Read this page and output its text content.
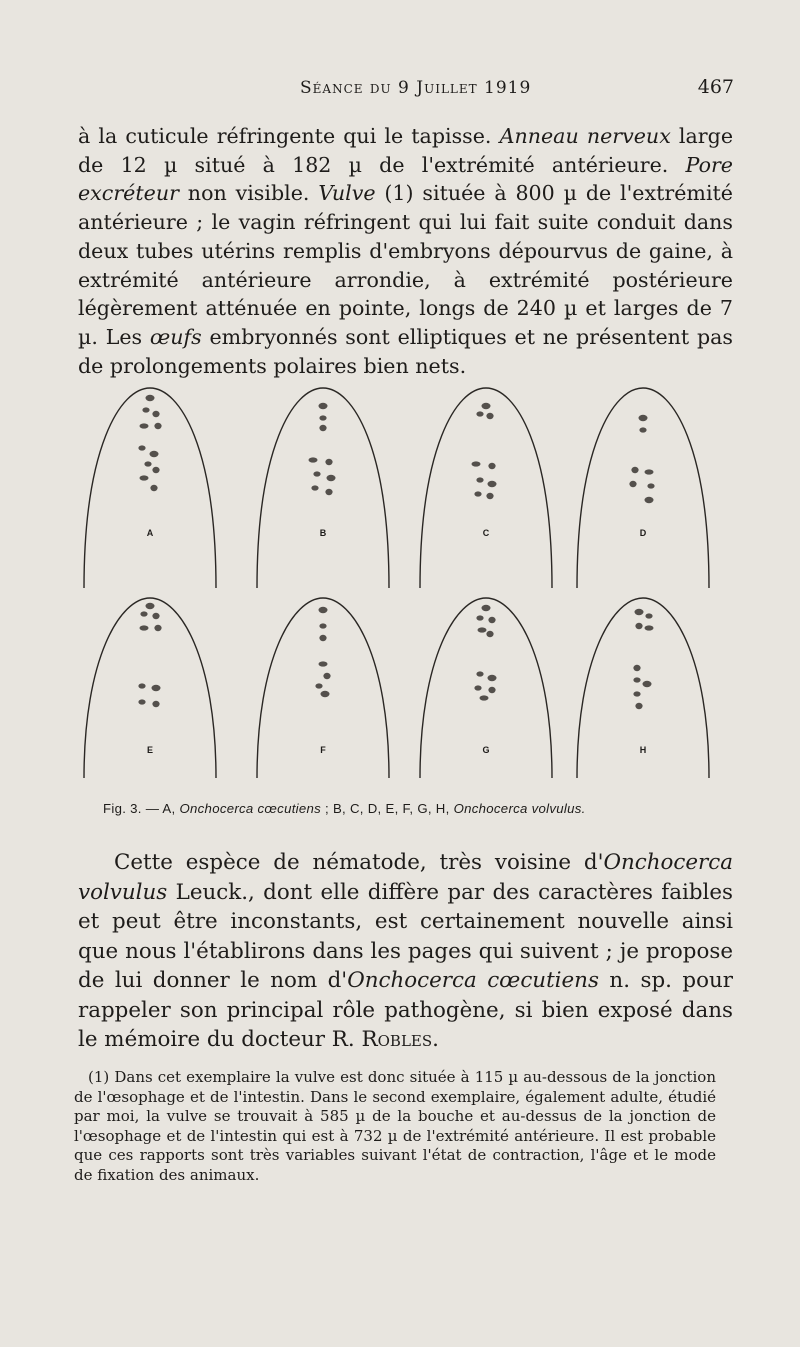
Séance du 9 Juillet 1919	467

à la cuticule réfringente qui le tapisse. Anneau nerveux large de 12 µ situé à 182 µ de l'extrémité antérieure. Pore excréteur non visible. Vulve (1) située à 800 µ de l'extrémité antérieure ; le vagin réfringent qui lui fait suite conduit dans deux tubes utérins remplis d'embryons dépourvus de gaine, à extrémité antérieure arrondie, à extrémité postérieure légèrement atténuée en pointe, longs de 240 µ et larges de 7 µ. Les œufs embryonnés sont elliptiques et ne présentent pas de prolongements polaires bien nets.

A	B	C	D
E	F	G	H
Fig. 3. — A, Onchocerca cœcutiens ; B, C, D, E, F, G, H, Onchocerca volvulus.

Cette espèce de nématode, très voisine d'Onchocerca volvulus Leuck., dont elle diffère par des caractères faibles et peut être inconstants, est certainement nouvelle ainsi que nous l'établirons dans les pages qui suivent ; je propose de lui donner le nom d'Onchocerca cœcutiens n. sp. pour rappeler son principal rôle pathogène, si bien exposé dans le mémoire du docteur R. Robles.

(1) Dans cet exemplaire la vulve est donc située à 115 µ au-dessous de la jonction de l'œsophage et de l'intestin. Dans le second exemplaire, également adulte, étudié par moi, la vulve se trouvait à 585 µ de la bouche et au-dessus de la jonction de l'œsophage et de l'intestin qui est à 732 µ de l'extrémité antérieure. Il est probable que ces rapports sont très variables suivant l'état de contraction, l'âge et le mode de fixation des animaux.
